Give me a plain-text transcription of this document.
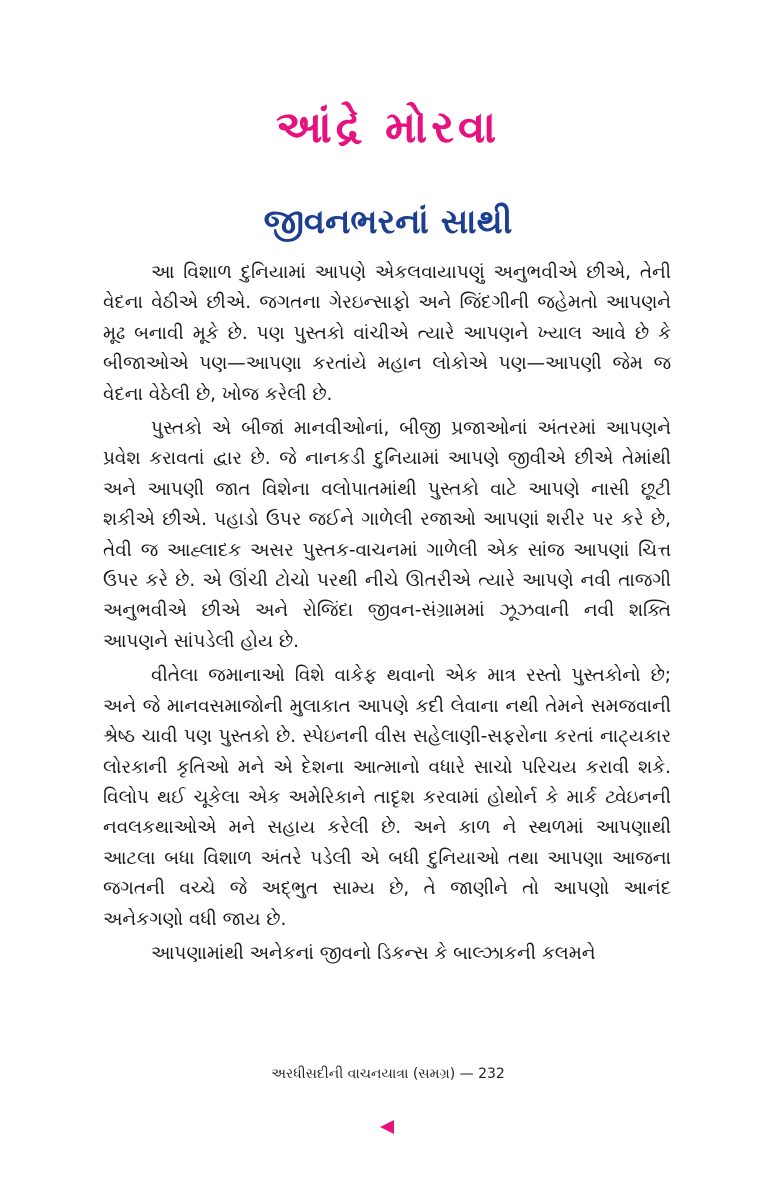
આંદ્રે મોરવા
જીવનભરનાં સાથી

આ વિશાળ દુનિયામાં આપણે એકલવાયાપણું અનુભવીએ છીએ, તેની વેદના વેઠીએ છીએ. જગતના ગેરઇન્સાફો અને જિંદગીની જહેમતો આપણને મૂઢ બનાવી મૂકે છે. પણ પુસ્તકો વાંચીએ ત્યારે આપણને ખ્યાલ આવે છે કે બીજાઓએ પણ—આપણા કરતાંયે મહાન લોકોએ પણ—આપણી જેમ જ વેદના વેઠેલી છે, ખોજ કરેલી છે.

પુસ્તકો એ બીજાં માનવીઓનાં, બીજી પ્રજાઓનાં અંતરમાં આપણને પ્રવેશ કરાવતાં દ્વાર છે. જે નાનકડી દુનિયામાં આપણે જીવીએ છીએ તેમાંથી અને આપણી જાત વિશેના વલોપાતમાંથી પુસ્તકો વાટે આપણે નાસી છૂટી શકીએ છીએ. પહાડો ઉપર જઈને ગાળેલી રજાઓ આપણાં શરીર પર કરે છે, તેવી જ આહ્લાદક અસર પુસ્તક-વાચનમાં ગાળેલી એક સાંજ આપણાં ચિત્ત ઉપર કરે છે. એ ઊંચી ટોચો પરથી નીચે ઊતરીએ ત્યારે આપણે નવી તાજગી અનુભવીએ છીએ અને રોજિંદા જીવન-સંગ્રામમાં ઝૂઝવાની નવી શક્તિ આપણને સાંપડેલી હોય છે.

વીતેલા જમાનાઓ વિશે વાકેફ થવાનો એક માત્ર રસ્તો પુસ્તકોનો છે; અને જે માનવસમાજોની મુલાકાત આપણે કદી લેવાના નથી તેમને સમજવાની શ્રેષ્ઠ ચાવી પણ પુસ્તકો છે. સ્પેઇનની વીસ સહેલાણી-સફરોના કરતાં નાટ્યકાર લોરકાની કૃતિઓ મને એ દેશના આત્માનો વધારે સાચો પરિચય કરાવી શકે. વિલોપ થઈ ચૂકેલા એક અમેરિકાને તાદૃશ કરવામાં હોથોર્ન કે માર્ક ટ્વેઇનની નવલકથાઓએ મને સહાય કરેલી છે. અને કાળ ને સ્થળમાં આપણાથી આટલા બધા વિશાળ અંતરે પડેલી એ બધી દુનિયાઓ તથા આપણા આજના જગતની વચ્ચે જે અદ્ભુત સામ્ય છે, તે જાણીને તો આપણો આનંદ અનેકગણો વધી જાય છે.

આપણામાંથી અનેકનાં જીવનો ડિકન્સ કે બાલ્ઝાકની કલમને

અરધીસદીની વાચનયાત્રા (સમગ્ર) — 232
